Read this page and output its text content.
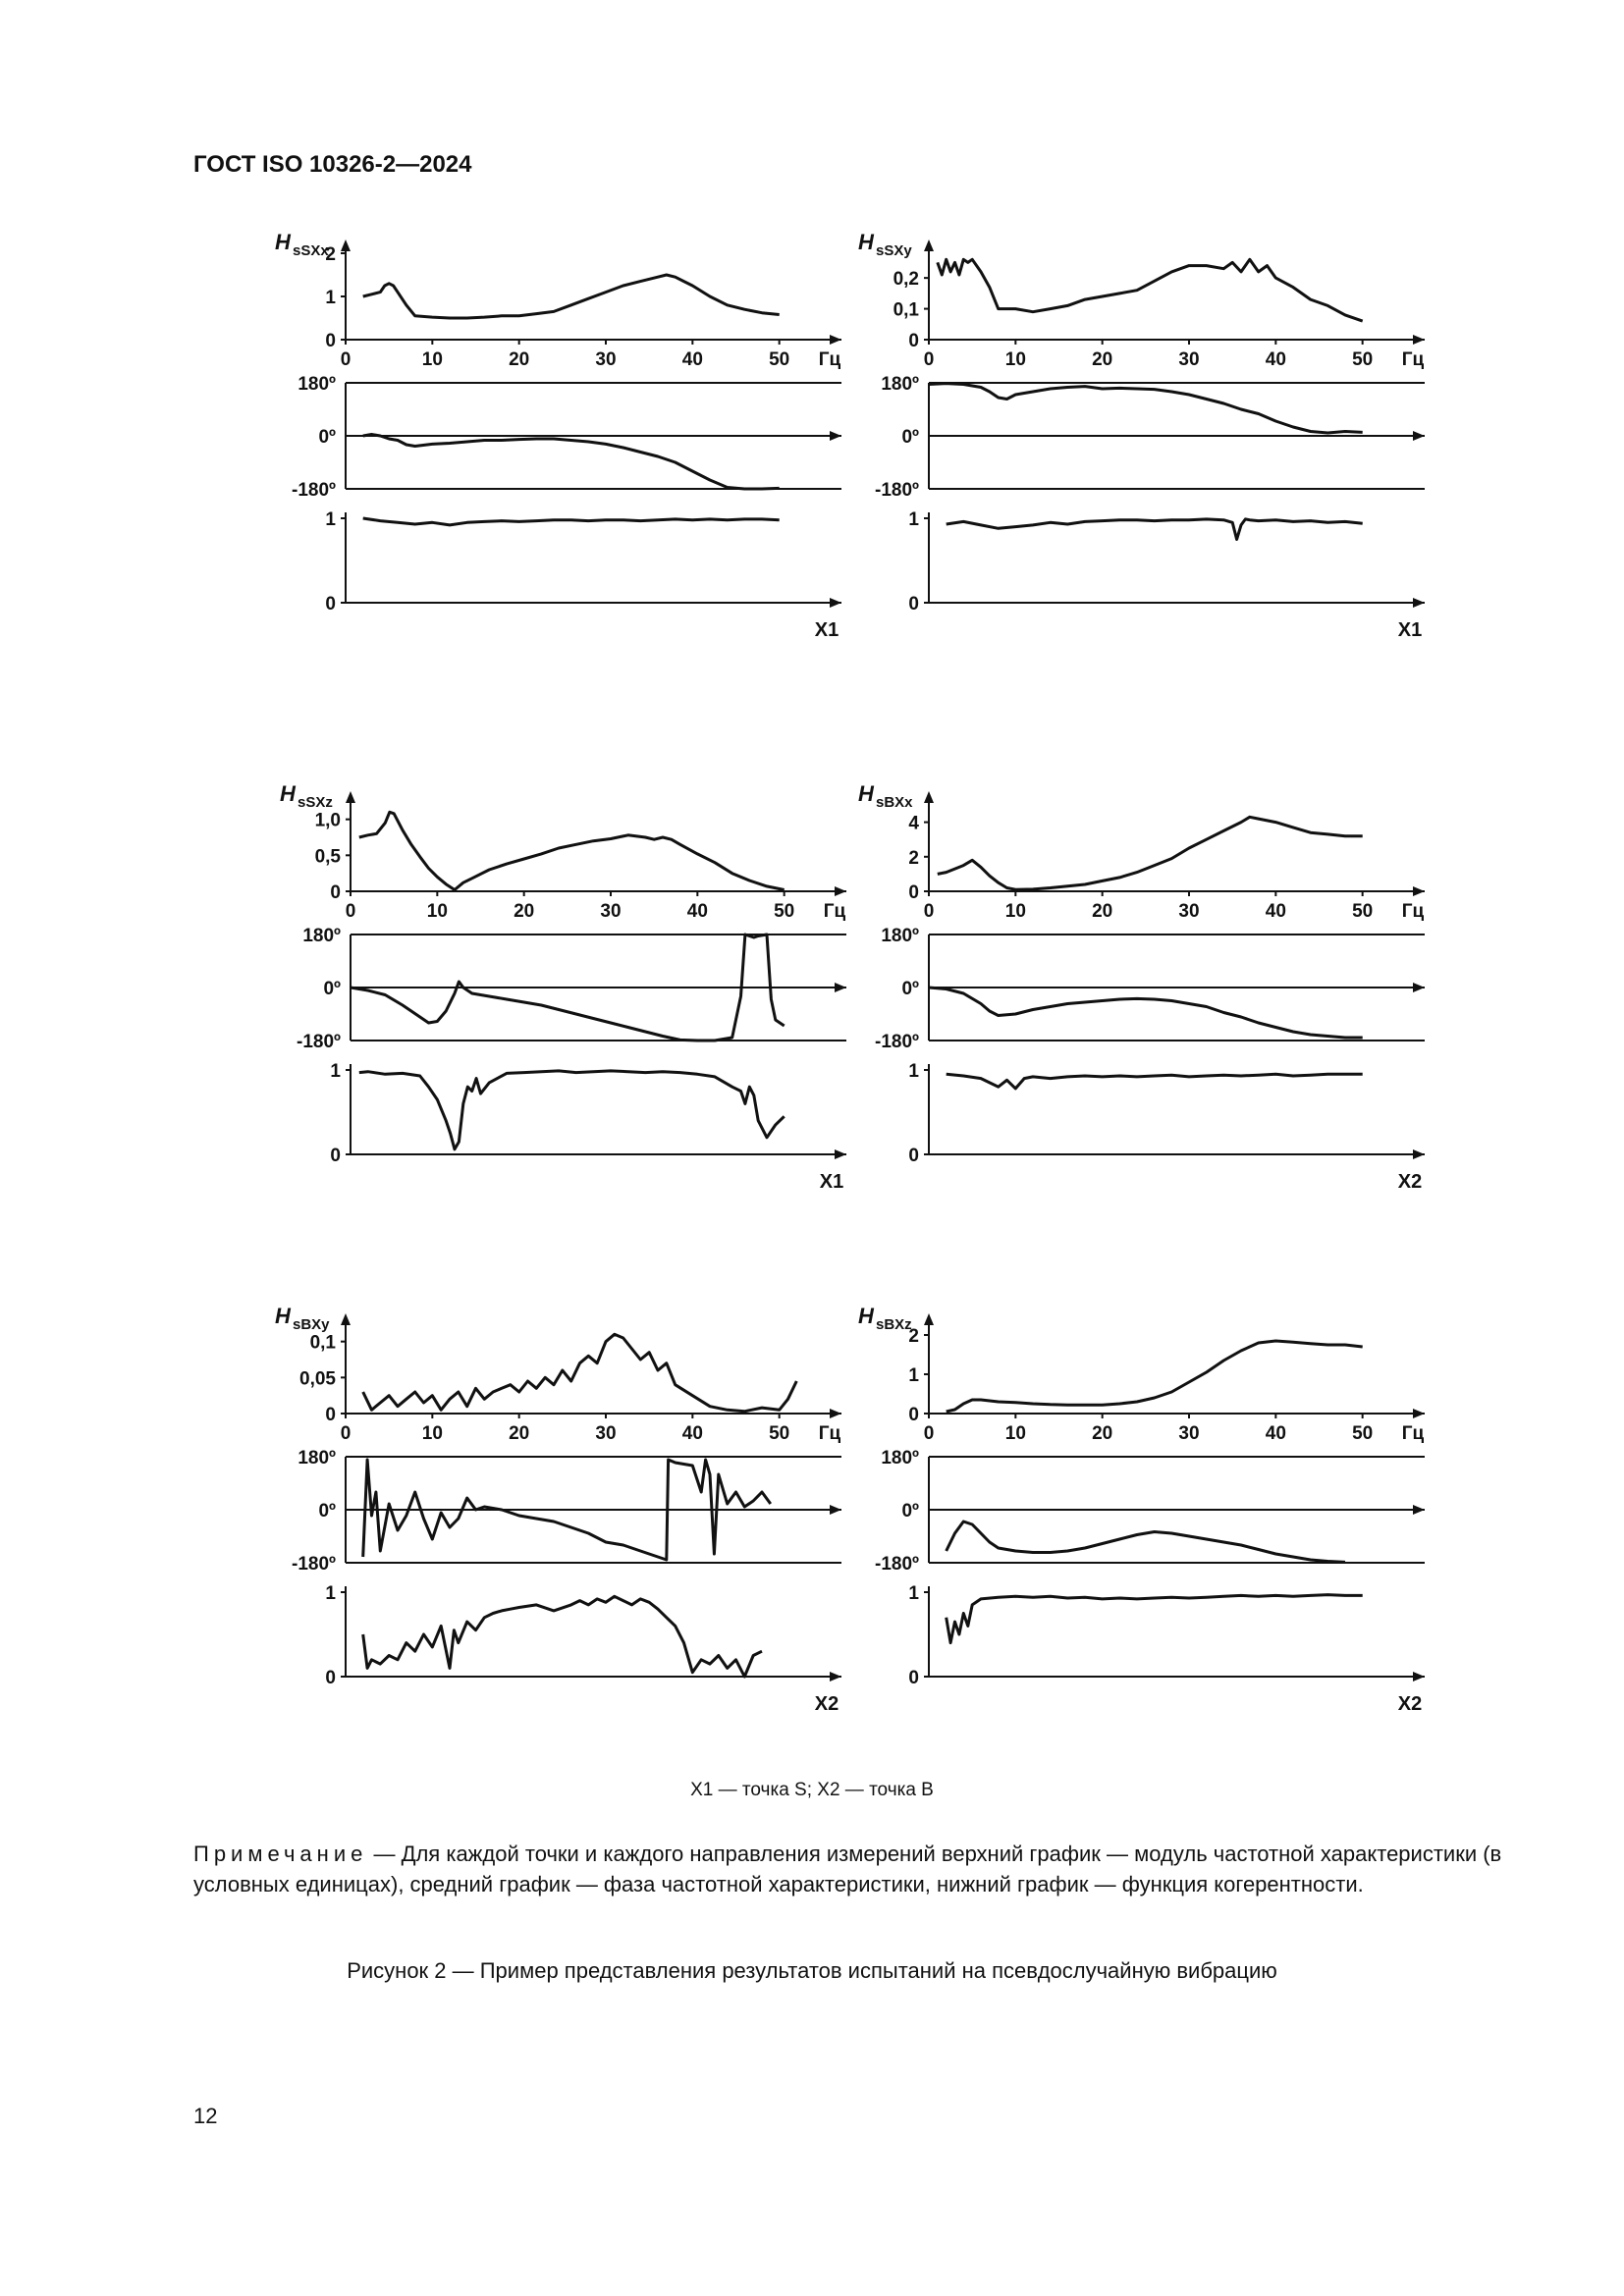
ГОСТ ISO 10326-2—2024
H sSXx
0
1
2
0	10	20	30	40	50 Гц
180º
0º
-180º
1
0
X1
H sSXy
0
0,1
0,2
0	10	20	30	40	50 Гц
180º
0º
-180º
1
0
X1
H sSXz
0
0,5
1,0
0	10	20	30	40	50 Гц
180º
0º
-180º
1
0
X1
H sBXx
0
2
4
0	10	20	30	40	50 Гц
180º
0º
-180º
1
0
X2
H sBXy
0
0,05
0,1
0	10	20	30	40	50 Гц
180º
0º
-180º
1
0
X2
H sBXz
0
1
2
0	10	20	30	40	50 Гц
180º
0º
-180º
1
0
X2
X1 — точка S; X2 — точка B
Примечание — Для каждой точки и каждого направления измерений верхний график — модуль частотной характеристики (в условных единицах), средний график — фаза частотной характеристики, нижний график — функция когерентности.
Рисунок 2 — Пример представления результатов испытаний на псевдослучайную вибрацию
12
